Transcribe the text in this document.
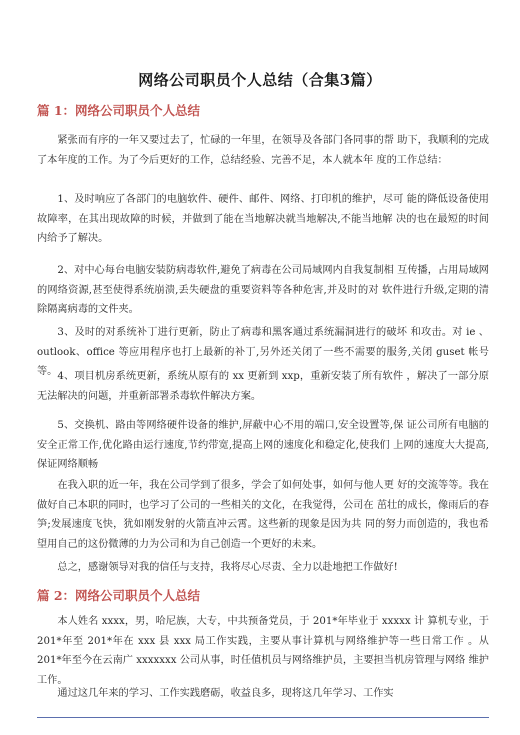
网络公司职员个人总结（合集3篇）
篇 1：网络公司职员个人总结

紧张而有序的一年又要过去了，忙碌的一年里，在领导及各部门各同事的帮 助下，我顺利的完成了本年度的工作。为了今后更好的工作，总结经验、完善不足，本人就本年 度的工作总结：

1、及时响应了各部门的电脑软件、硬件、邮件、网络、打印机的维护，尽可 能的降低设备使用故障率，在其出现故障的时候，并做到了能在当地解决就当地解决,不能当地解 决的也在最短的时间内给予了解决。

2、对中心每台电脑安装防病毒软件,避免了病毒在公司局域网内自我复制相 互传播，占用局域网的网络资源,甚至使得系统崩溃,丢失硬盘的重要资料等各种危害,并及时的对 软件进行升级,定期的清除隔离病毒的文件夹。

3、及时的对系统补丁进行更新，防止了病毒和黑客通过系统漏洞进行的破坏 和攻击。对 ie 、outlook、office 等应用程序也打上最新的补丁,另外还关闭了一些不需要的服务,关闭 guset 帐号等。 4、项目机房系统更新，系统从原有的 xx 更新到 xxp，重新安装了所有软件 ，解决了一部分原无法解决的问题，并重新部署杀毒软件解决方案。

5、交换机、路由等网络硬件设备的维护,屏蔽中心不用的端口,安全设置等,保 证公司所有电脑的安全正常工作,优化路由运行速度,节约带宽,提高上网的速度化和稳定化,使我们 上网的速度大大提高,保证网络顺畅

在我入职的近一年，我在公司学到了很多，学会了如何处事，如何与他人更 好的交流等等。我在做好自己本职的同时，也学习了公司的一些相关的文化，在我觉得，公司在 茁壮的成长，像雨后的春笋;发展速度飞快，犹如刚发射的火箭直冲云霄。这些新的现象是因为共 同的努力而创造的，我也希望用自己的这份微薄的力为公司和为自己创造一个更好的未来。

总之，感谢领导对我的信任与支持，我将尽心尽责、全力以赴地把工作做好!

篇 2：网络公司职员个人总结

本人姓名 xxxx，男，哈尼族，大专，中共预备党员，于 201*年毕业于 xxxxx 计 算机专业，于 201*年至 201*年在 xxx 县 xxx 局工作实践，主要从事计算机与网络维护等一些日常工作 。从 201*年至今在云南广 xxxxxxx 公司从事，时任值机员与网络维护员，主要担当机房管理与网络 维护工作。

通过这几年来的学习、工作实践磨砺，收益良多，现将这几年学习、工作实
